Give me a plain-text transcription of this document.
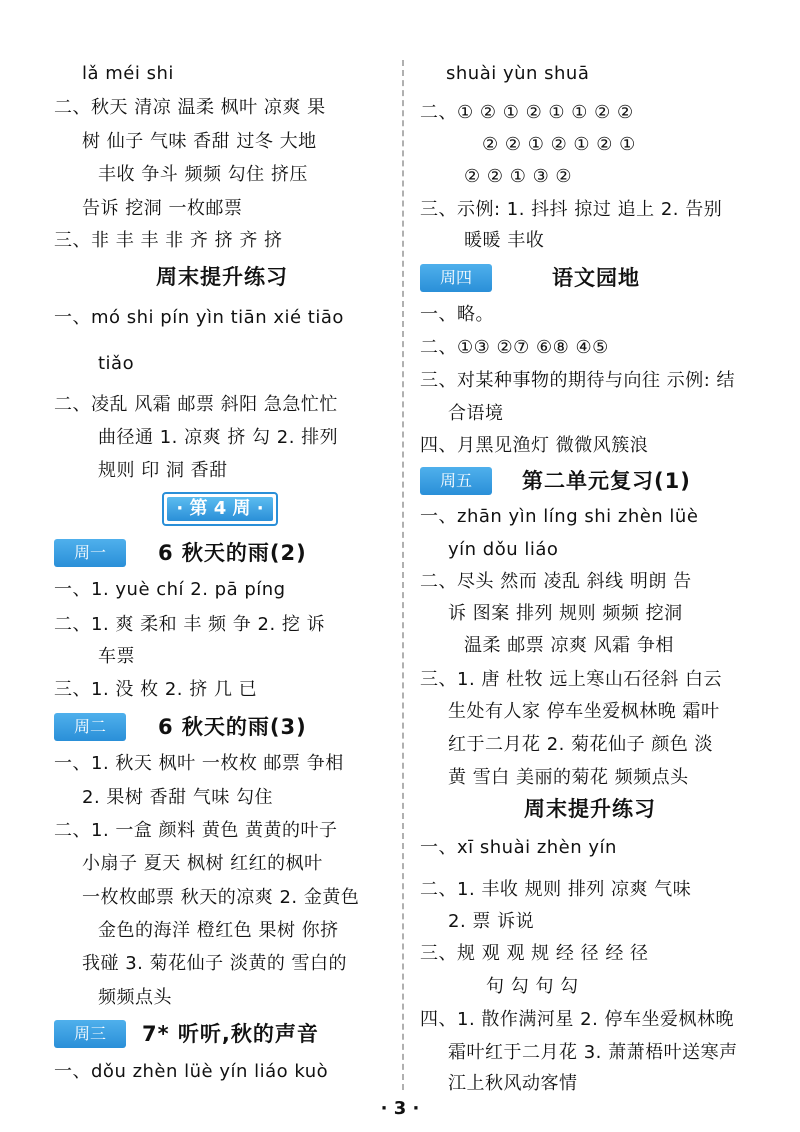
lǎ méi shi
二、秋天 清凉 温柔 枫叶 凉爽 果
树 仙子 气味 香甜 过冬 大地
丰收 争斗 频频 勾住 挤压
告诉 挖洞 一枚邮票
三、非 丰 丰 非 齐 挤 齐 挤
周末提升练习
一、mó shi pín yìn tiān xié tiāo
tiǎo
二、凌乱 风霜 邮票 斜阳 急急忙忙
曲径通 1. 凉爽 挤 勾 2. 排列
规则 印 洞 香甜
· 第 4 周 ·
周一	6 秋天的雨(2)
一、1. yuè chí 2. pā píng
二、1. 爽 柔和 丰 频 争 2. 挖 诉
车票
三、1. 没 枚 2. 挤 几 已
周二	6 秋天的雨(3)
一、1. 秋天 枫叶 一枚枚 邮票 争相
2. 果树 香甜 气味 勾住
二、1. 一盒 颜料 黄色 黄黄的叶子
小扇子 夏天 枫树 红红的枫叶
一枚枚邮票 秋天的凉爽 2. 金黄色
金色的海洋 橙红色 果树 你挤
我碰 3. 菊花仙子 淡黄的 雪白的
频频点头
周三	7* 听听,秋的声音
一、dǒu zhèn lüè yín liáo kuò
shuài yùn shuā
二、① ② ① ② ① ① ② ②
② ② ① ② ① ② ①
② ② ① ③ ②
三、示例: 1. 抖抖 掠过 追上 2. 告别
暖暖 丰收
周四	语文园地
一、略。
二、①③ ②⑦ ⑥⑧ ④⑤
三、对某种事物的期待与向往 示例: 结
合语境
四、月黑见渔灯 微微风簇浪
周五	第二单元复习(1)
一、zhān yìn líng shi zhèn lüè
yín dǒu liáo
二、尽头 然而 凌乱 斜线 明朗 告
诉 图案 排列 规则 频频 挖洞
温柔 邮票 凉爽 风霜 争相
三、1. 唐 杜牧 远上寒山石径斜 白云
生处有人家 停车坐爱枫林晚 霜叶
红于二月花 2. 菊花仙子 颜色 淡
黄 雪白 美丽的菊花 频频点头
周末提升练习
一、xī shuài zhèn yín
二、1. 丰收 规则 排列 凉爽 气味
2. 票 诉说
三、规 观 观 规 经 径 经 径
句 勾 句 勾
四、1. 散作满河星 2. 停车坐爱枫林晚
霜叶红于二月花 3. 萧萧梧叶送寒声
江上秋风动客情
· 3 ·
